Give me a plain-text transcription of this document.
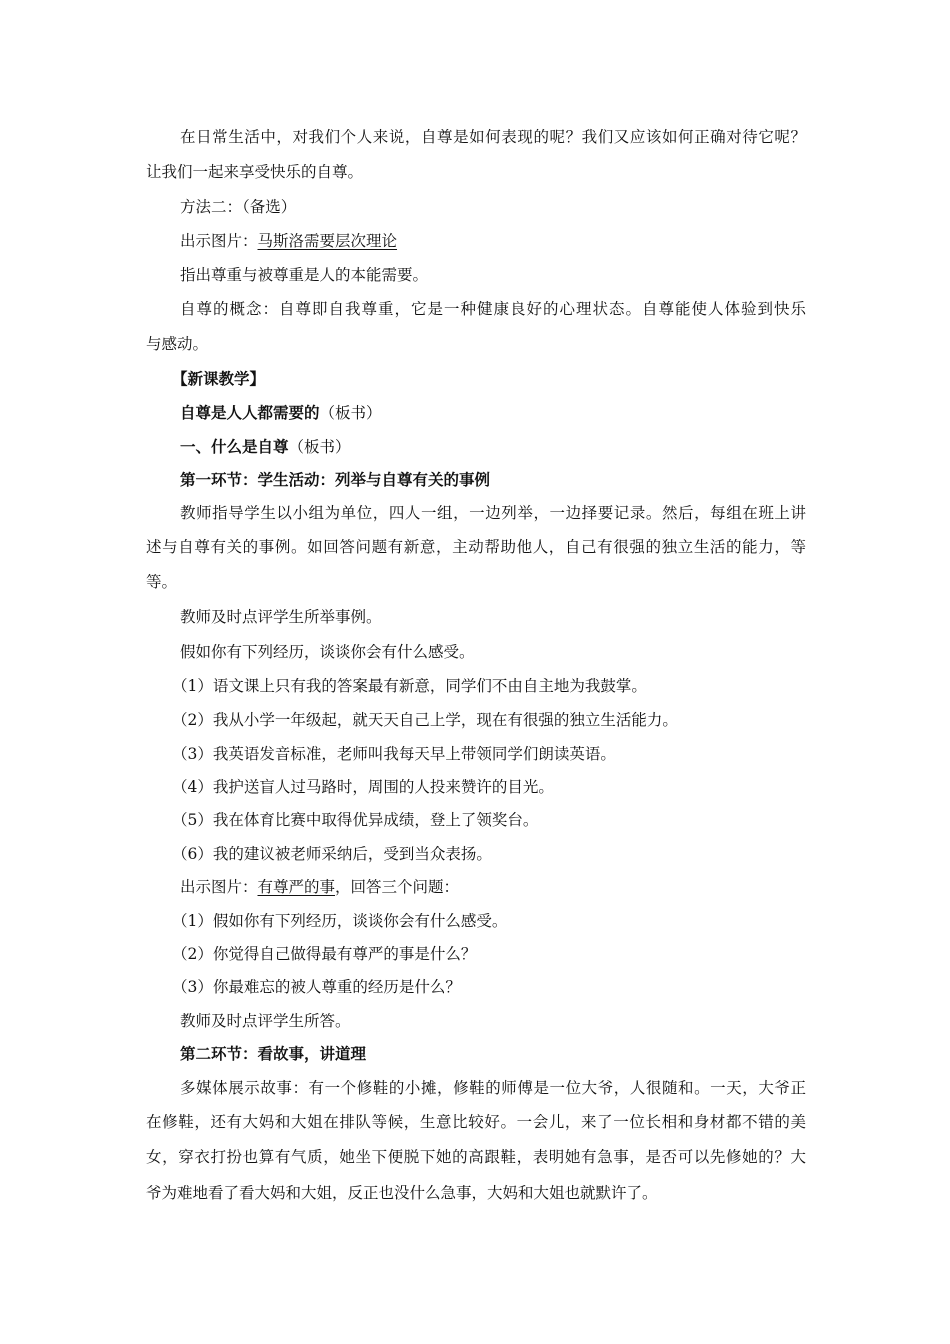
在日常生活中，对我们个人来说，自尊是如何表现的呢？我们又应该如何正确对待它呢？
让我们一起来享受快乐的自尊。
方法二：（备选）
出示图片：马斯洛需要层次理论
指出尊重与被尊重是人的本能需要。
自尊的概念：自尊即自我尊重，它是一种健康良好的心理状态。自尊能使人体验到快乐
与感动。
【新课教学】
自尊是人人都需要的（板书）
一、什么是自尊（板书）
第一环节：学生活动：列举与自尊有关的事例
教师指导学生以小组为单位，四人一组，一边列举，一边择要记录。然后，每组在班上讲
述与自尊有关的事例。如回答问题有新意，主动帮助他人，自己有很强的独立生活的能力，等
等。
教师及时点评学生所举事例。
假如你有下列经历，谈谈你会有什么感受。
（1）语文课上只有我的答案最有新意，同学们不由自主地为我鼓掌。
（2）我从小学一年级起，就天天自己上学，现在有很强的独立生活能力。
（3）我英语发音标准，老师叫我每天早上带领同学们朗读英语。
（4）我护送盲人过马路时，周围的人投来赞许的目光。
（5）我在体育比赛中取得优异成绩，登上了领奖台。
（6）我的建议被老师采纳后，受到当众表扬。
出示图片：有尊严的事，回答三个问题：
（1）假如你有下列经历，谈谈你会有什么感受。
（2）你觉得自己做得最有尊严的事是什么？
（3）你最难忘的被人尊重的经历是什么？
教师及时点评学生所答。
第二环节：看故事，讲道理
多媒体展示故事：有一个修鞋的小摊，修鞋的师傅是一位大爷，人很随和。一天，大爷正
在修鞋，还有大妈和大姐在排队等候，生意比较好。一会儿，来了一位长相和身材都不错的美
女，穿衣打扮也算有气质，她坐下便脱下她的高跟鞋，表明她有急事，是否可以先修她的？大
爷为难地看了看大妈和大姐，反正也没什么急事，大妈和大姐也就默许了。
